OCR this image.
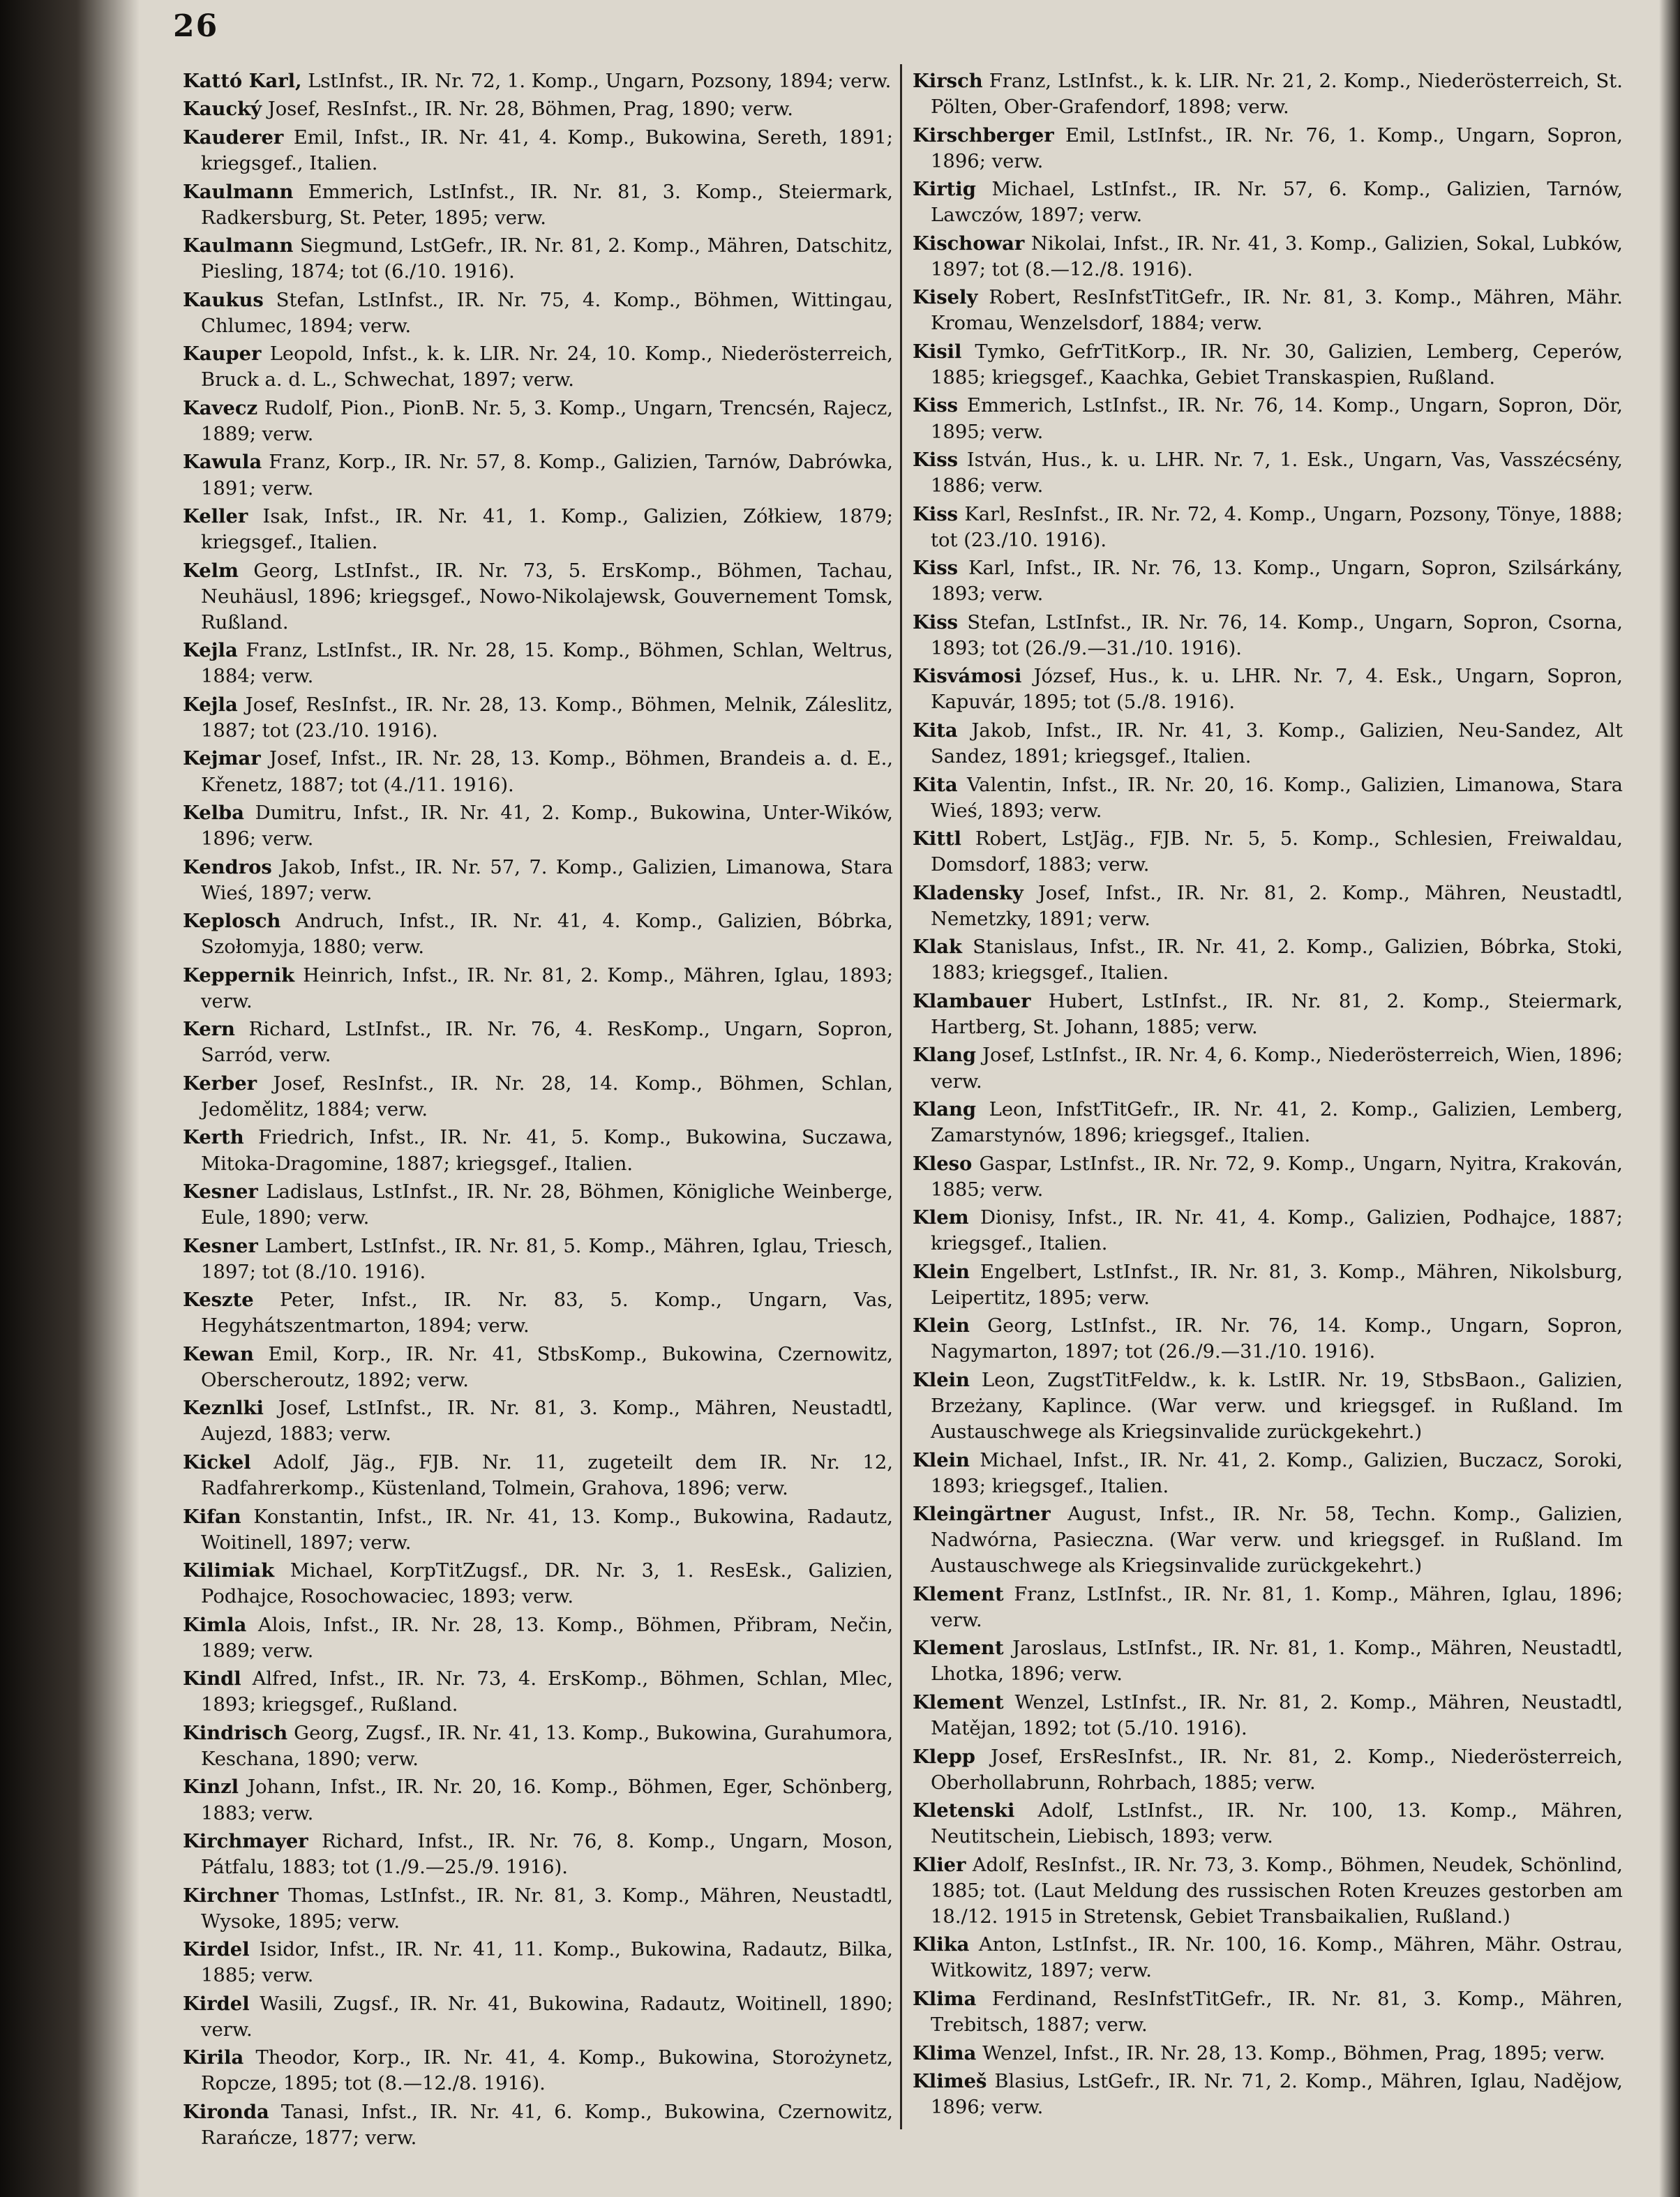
26

Kattó Karl, LstInfst., IR. Nr. 72, 1. Komp., Ungarn, Pozsony, 1894; verw.

Kaucký Josef, ResInfst., IR. Nr. 28, Böhmen, Prag, 1890; verw.

Kauderer Emil, Infst., IR. Nr. 41, 4. Komp., Bukowina, Sereth, 1891; kriegsgef., Italien.

Kaulmann Emmerich, LstInfst., IR. Nr. 81, 3. Komp., Steiermark, Radkersburg, St. Peter, 1895; verw.

Kaulmann Siegmund, LstGefr., IR. Nr. 81, 2. Komp., Mähren, Datschitz, Piesling, 1874; tot (6./10. 1916).

Kaukus Stefan, LstInfst., IR. Nr. 75, 4. Komp., Böhmen, Wittingau, Chlumec, 1894; verw.

Kauper Leopold, Infst., k. k. LIR. Nr. 24, 10. Komp., Niederösterreich, Bruck a. d. L., Schwechat, 1897; verw.

Kavecz Rudolf, Pion., PionB. Nr. 5, 3. Komp., Ungarn, Trencsén, Rajecz, 1889; verw.

Kawula Franz, Korp., IR. Nr. 57, 8. Komp., Galizien, Tarnów, Dabrówka, 1891; verw.

Keller Isak, Infst., IR. Nr. 41, 1. Komp., Galizien, Zółkiew, 1879; kriegsgef., Italien.

Kelm Georg, LstInfst., IR. Nr. 73, 5. ErsKomp., Böhmen, Tachau, Neuhäusl, 1896; kriegsgef., Nowo-Nikolajewsk, Gouvernement Tomsk, Rußland.

Kejla Franz, LstInfst., IR. Nr. 28, 15. Komp., Böhmen, Schlan, Weltrus, 1884; verw.

Kejla Josef, ResInfst., IR. Nr. 28, 13. Komp., Böhmen, Melnik, Záleslitz, 1887; tot (23./10. 1916).

Kejmar Josef, Infst., IR. Nr. 28, 13. Komp., Böhmen, Brandeis a. d. E., Křenetz, 1887; tot (4./11. 1916).

Kelba Dumitru, Infst., IR. Nr. 41, 2. Komp., Bukowina, Unter-Wików, 1896; verw.

Kendros Jakob, Infst., IR. Nr. 57, 7. Komp., Galizien, Limanowa, Stara Wieś, 1897; verw.

Keplosch Andruch, Infst., IR. Nr. 41, 4. Komp., Galizien, Bóbrka, Szołomyja, 1880; verw.

Keppernik Heinrich, Infst., IR. Nr. 81, 2. Komp., Mähren, Iglau, 1893; verw.

Kern Richard, LstInfst., IR. Nr. 76, 4. ResKomp., Ungarn, Sopron, Sarród, verw.

Kerber Josef, ResInfst., IR. Nr. 28, 14. Komp., Böhmen, Schlan, Jedomělitz, 1884; verw.

Kerth Friedrich, Infst., IR. Nr. 41, 5. Komp., Bukowina, Suczawa, Mitoka-Dragomine, 1887; kriegsgef., Italien.

Kesner Ladislaus, LstInfst., IR. Nr. 28, Böhmen, Königliche Weinberge, Eule, 1890; verw.

Kesner Lambert, LstInfst., IR. Nr. 81, 5. Komp., Mähren, Iglau, Triesch, 1897; tot (8./10. 1916).

Keszte Peter, Infst., IR. Nr. 83, 5. Komp., Ungarn, Vas, Hegyhátszentmarton, 1894; verw.

Kewan Emil, Korp., IR. Nr. 41, StbsKomp., Bukowina, Czernowitz, Oberscheroutz, 1892; verw.

Keznlki Josef, LstInfst., IR. Nr. 81, 3. Komp., Mähren, Neustadtl, Aujezd, 1883; verw.

Kickel Adolf, Jäg., FJB. Nr. 11, zugeteilt dem IR. Nr. 12, Radfahrerkomp., Küstenland, Tolmein, Grahova, 1896; verw.

Kifan Konstantin, Infst., IR. Nr. 41, 13. Komp., Bukowina, Radautz, Woitinell, 1897; verw.

Kilimiak Michael, KorpTitZugsf., DR. Nr. 3, 1. ResEsk., Galizien, Podhajce, Rosochowaciec, 1893; verw.

Kimla Alois, Infst., IR. Nr. 28, 13. Komp., Böhmen, Přibram, Nečin, 1889; verw.

Kindl Alfred, Infst., IR. Nr. 73, 4. ErsKomp., Böhmen, Schlan, Mlec, 1893; kriegsgef., Rußland.

Kindrisch Georg, Zugsf., IR. Nr. 41, 13. Komp., Bukowina, Gurahumora, Keschana, 1890; verw.

Kinzl Johann, Infst., IR. Nr. 20, 16. Komp., Böhmen, Eger, Schönberg, 1883; verw.

Kirchmayer Richard, Infst., IR. Nr. 76, 8. Komp., Ungarn, Moson, Pátfalu, 1883; tot (1./9.—25./9. 1916).

Kirchner Thomas, LstInfst., IR. Nr. 81, 3. Komp., Mähren, Neustadtl, Wysoke, 1895; verw.

Kirdel Isidor, Infst., IR. Nr. 41, 11. Komp., Bukowina, Radautz, Bilka, 1885; verw.

Kirdel Wasili, Zugsf., IR. Nr. 41, Bukowina, Radautz, Woitinell, 1890; verw.

Kirila Theodor, Korp., IR. Nr. 41, 4. Komp., Bukowina, Storożynetz, Ropcze, 1895; tot (8.—12./8. 1916).

Kironda Tanasi, Infst., IR. Nr. 41, 6. Komp., Bukowina, Czernowitz, Rarańcze, 1877; verw.

Kirsch Franz, LstInfst., k. k. LIR. Nr. 21, 2. Komp., Niederösterreich, St. Pölten, Ober-Grafendorf, 1898; verw.

Kirschberger Emil, LstInfst., IR. Nr. 76, 1. Komp., Ungarn, Sopron, 1896; verw.

Kirtig Michael, LstInfst., IR. Nr. 57, 6. Komp., Galizien, Tarnów, Lawczów, 1897; verw.

Kischowar Nikolai, Infst., IR. Nr. 41, 3. Komp., Galizien, Sokal, Lubków, 1897; tot (8.—12./8. 1916).

Kisely Robert, ResInfstTitGefr., IR. Nr. 81, 3. Komp., Mähren, Mähr. Kromau, Wenzelsdorf, 1884; verw.

Kisil Tymko, GefrTitKorp., IR. Nr. 30, Galizien, Lemberg, Ceperów, 1885; kriegsgef., Kaachka, Gebiet Transkaspien, Rußland.

Kiss Emmerich, LstInfst., IR. Nr. 76, 14. Komp., Ungarn, Sopron, Dör, 1895; verw.

Kiss István, Hus., k. u. LHR. Nr. 7, 1. Esk., Ungarn, Vas, Vasszécsény, 1886; verw.

Kiss Karl, ResInfst., IR. Nr. 72, 4. Komp., Ungarn, Pozsony, Tönye, 1888; tot (23./10. 1916).

Kiss Karl, Infst., IR. Nr. 76, 13. Komp., Ungarn, Sopron, Szilsárkány, 1893; verw.

Kiss Stefan, LstInfst., IR. Nr. 76, 14. Komp., Ungarn, Sopron, Csorna, 1893; tot (26./9.—31./10. 1916).

Kisvámosi József, Hus., k. u. LHR. Nr. 7, 4. Esk., Ungarn, Sopron, Kapuvár, 1895; tot (5./8. 1916).

Kita Jakob, Infst., IR. Nr. 41, 3. Komp., Galizien, Neu-Sandez, Alt Sandez, 1891; kriegsgef., Italien.

Kita Valentin, Infst., IR. Nr. 20, 16. Komp., Galizien, Limanowa, Stara Wieś, 1893; verw.

Kittl Robert, LstJäg., FJB. Nr. 5, 5. Komp., Schlesien, Freiwaldau, Domsdorf, 1883; verw.

Kladensky Josef, Infst., IR. Nr. 81, 2. Komp., Mähren, Neustadtl, Nemetzky, 1891; verw.

Klak Stanislaus, Infst., IR. Nr. 41, 2. Komp., Galizien, Bóbrka, Stoki, 1883; kriegsgef., Italien.

Klambauer Hubert, LstInfst., IR. Nr. 81, 2. Komp., Steiermark, Hartberg, St. Johann, 1885; verw.

Klang Josef, LstInfst., IR. Nr. 4, 6. Komp., Niederösterreich, Wien, 1896; verw.

Klang Leon, InfstTitGefr., IR. Nr. 41, 2. Komp., Galizien, Lemberg, Zamarstynów, 1896; kriegsgef., Italien.

Kleso Gaspar, LstInfst., IR. Nr. 72, 9. Komp., Ungarn, Nyitra, Krakován, 1885; verw.

Klem Dionisy, Infst., IR. Nr. 41, 4. Komp., Galizien, Podhajce, 1887; kriegsgef., Italien.

Klein Engelbert, LstInfst., IR. Nr. 81, 3. Komp., Mähren, Nikolsburg, Leipertitz, 1895; verw.

Klein Georg, LstInfst., IR. Nr. 76, 14. Komp., Ungarn, Sopron, Nagymarton, 1897; tot (26./9.—31./10. 1916).

Klein Leon, ZugstTitFeldw., k. k. LstIR. Nr. 19, StbsBaon., Galizien, Brzeżany, Kaplince. (War verw. und kriegsgef. in Rußland. Im Austauschwege als Kriegsinvalide zurückgekehrt.)

Klein Michael, Infst., IR. Nr. 41, 2. Komp., Galizien, Buczacz, Soroki, 1893; kriegsgef., Italien.

Kleingärtner August, Infst., IR. Nr. 58, Techn. Komp., Galizien, Nadwórna, Pasieczna. (War verw. und kriegsgef. in Rußland. Im Austauschwege als Kriegsinvalide zurückgekehrt.)

Klement Franz, LstInfst., IR. Nr. 81, 1. Komp., Mähren, Iglau, 1896; verw.

Klement Jaroslaus, LstInfst., IR. Nr. 81, 1. Komp., Mähren, Neustadtl, Lhotka, 1896; verw.

Klement Wenzel, LstInfst., IR. Nr. 81, 2. Komp., Mähren, Neustadtl, Matějan, 1892; tot (5./10. 1916).

Klepp Josef, ErsResInfst., IR. Nr. 81, 2. Komp., Niederösterreich, Oberhollabrunn, Rohrbach, 1885; verw.

Kletenski Adolf, LstInfst., IR. Nr. 100, 13. Komp., Mähren, Neutitschein, Liebisch, 1893; verw.

Klier Adolf, ResInfst., IR. Nr. 73, 3. Komp., Böhmen, Neudek, Schönlind, 1885; tot. (Laut Meldung des russischen Roten Kreuzes gestorben am 18./12. 1915 in Stretensk, Gebiet Transbaikalien, Rußland.)

Klika Anton, LstInfst., IR. Nr. 100, 16. Komp., Mähren, Mähr. Ostrau, Witkowitz, 1897; verw.

Klima Ferdinand, ResInfstTitGefr., IR. Nr. 81, 3. Komp., Mähren, Trebitsch, 1887; verw.

Klima Wenzel, Infst., IR. Nr. 28, 13. Komp., Böhmen, Prag, 1895; verw.

Klimeš Blasius, LstGefr., IR. Nr. 71, 2. Komp., Mähren, Iglau, Nadějow, 1896; verw.
